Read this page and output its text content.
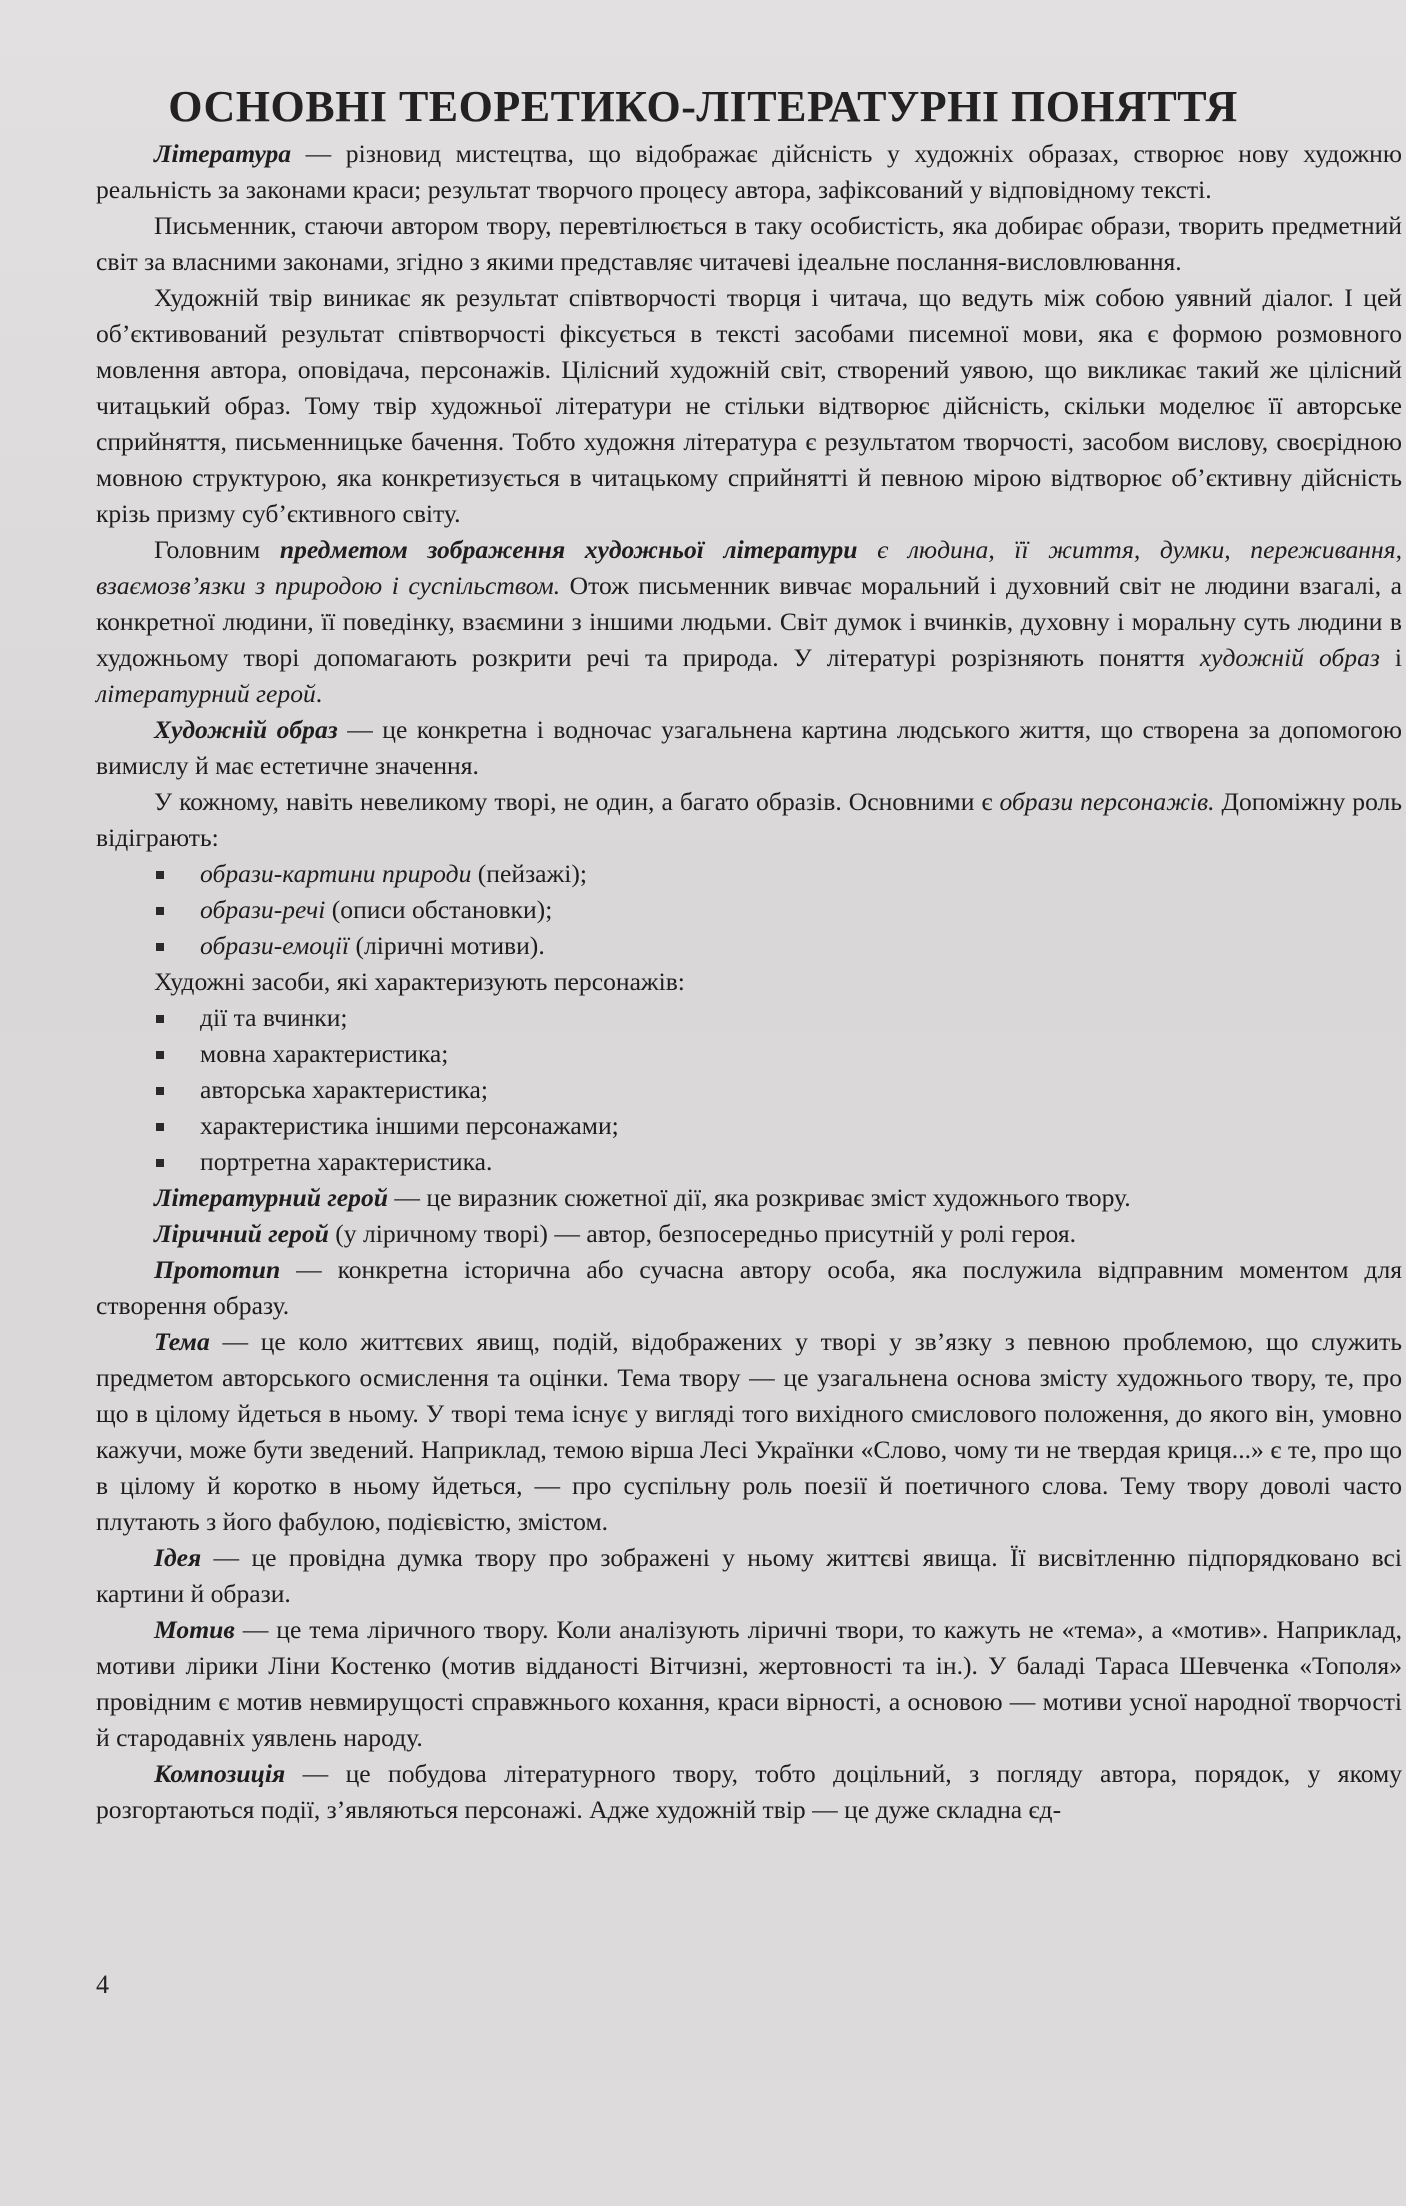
ОСНОВНІ ТЕОРЕТИКО-ЛІТЕРАТУРНІ ПОНЯТТЯ

Література — різновид мистецтва, що відображає дійсність у художніх образах, створює нову художню реальність за законами краси; результат творчого процесу автора, зафіксований у відповідному тексті.

Письменник, стаючи автором твору, перевтілюється в таку особистість, яка добирає образи, творить предметний світ за власними законами, згідно з якими представляє читачеві ідеальне послання-висловлювання.

Художній твір виникає як результат співтворчості творця і читача, що ведуть між собою уявний діалог. І цей об’єктивований результат співтворчості фіксується в тексті засобами писемної мови, яка є формою розмовного мовлення автора, оповідача, персонажів. Цілісний художній світ, створений уявою, що викликає такий же цілісний читацький образ. Тому твір художньої літератури не стільки відтворює дійсність, скільки моделює її авторське сприйняття, письменницьке бачення. Тобто художня література є результатом творчості, засобом вислову, своєрідною мовною структурою, яка конкретизується в читацькому сприйнятті й певною мірою відтворює об’єктивну дійсність крізь призму суб’єктивного світу.

Головним предметом зображення художньої літератури є людина, її життя, думки, переживання, взаємозв’язки з природою і суспільством. Отож письменник вивчає моральний і духовний світ не людини взагалі, а конкретної людини, її поведінку, взаємини з іншими людьми. Світ думок і вчинків, духовну і моральну суть людини в художньому творі допомагають розкрити речі та природа. У літературі розрізняють поняття художній образ і літературний герой.

Художній образ — це конкретна і водночас узагальнена картина людського життя, що створена за допомогою вимислу й має естетичне значення.

У кожному, навіть невеликому творі, не один, а багато образів. Основними є образи персонажів. Допоміжну роль відіграють:

образи-картини природи (пейзажі);
образи-речі (описи обстановки);
образи-емоції (ліричні мотиви).

Художні засоби, які характеризують персонажів:

дії та вчинки;
мовна характеристика;
авторська характеристика;
характеристика іншими персонажами;
портретна характеристика.

Літературний герой — це виразник сюжетної дії, яка розкриває зміст художнього твору.

Ліричний герой (у ліричному творі) — автор, безпосередньо присутній у ролі героя.

Прототип — конкретна історична або сучасна автору особа, яка послужила відправним моментом для створення образу.

Тема — це коло життєвих явищ, подій, відображених у творі у зв’язку з певною проблемою, що служить предметом авторського осмислення та оцінки. Тема твору — це узагальнена основа змісту художнього твору, те, про що в цілому йдеться в ньому. У творі тема існує у вигляді того вихідного смислового положення, до якого він, умовно кажучи, може бути зведений. Наприклад, темою вірша Лесі Українки «Слово, чому ти не твердая криця...» є те, про що в цілому й коротко в ньому йдеться, — про суспільну роль поезії й поетичного слова. Тему твору доволі часто плутають з його фабулою, подієвістю, змістом.

Ідея — це провідна думка твору про зображені у ньому життєві явища. Її висвітленню підпорядковано всі картини й образи.

Мотив — це тема ліричного твору. Коли аналізують ліричні твори, то кажуть не «тема», а «мотив». Наприклад, мотиви лірики Ліни Костенко (мотив відданості Вітчизні, жертовності та ін.). У баладі Тараса Шевченка «Тополя» провідним є мотив невмирущості справжнього кохання, краси вірності, а основою — мотиви усної народної творчості й стародавніх уявлень народу.

Композиція — це побудова літературного твору, тобто доцільний, з погляду автора, порядок, у якому розгортаються події, з’являються персонажі. Адже художній твір — це дуже складна єд-

4
